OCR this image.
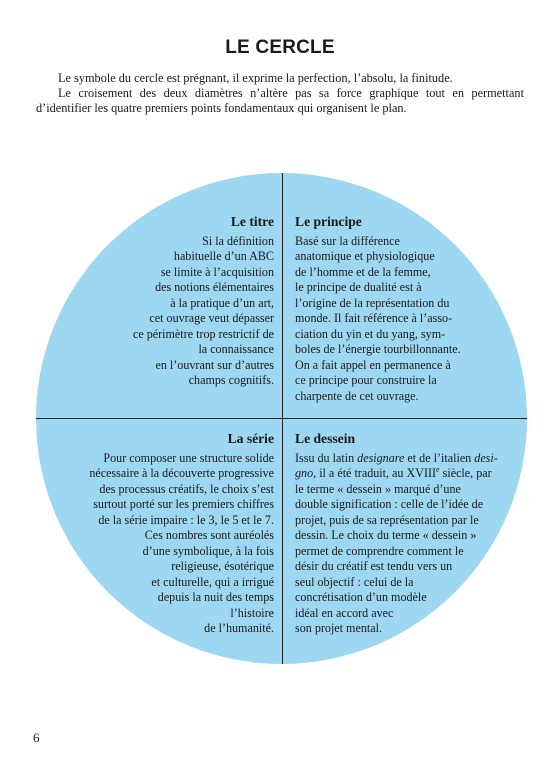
LE CERCLE

Le symbole du cercle est prégnant, il exprime la perfection, l’absolu, la finitude.

Le croisement des deux diamètres n’altère pas sa force graphique tout en permettant d’identifier les quatre premiers points fondamentaux qui organisent le plan.

Le titre
Si la définition
habituelle d’un ABC
se limite à l’acquisition
des notions élémentaires
à la pratique d’un art,
cet ouvrage veut dépasser
ce périmètre trop restrictif de
la connaissance
en l’ouvrant sur d’autres
champs cognitifs.
Le principe
Basé sur la différence
anatomique et physiologique
de l’homme et de la femme,
le principe de dualité est à
l’origine de la représentation du
monde. Il fait référence à l’asso-
ciation du yin et du yang, sym-
boles de l’énergie tourbillonnante.
On a fait appel en permanence à
ce principe pour construire la
charpente de cet ouvrage.
La série
Pour composer une structure solide
nécessaire à la découverte progressive
des processus créatifs, le choix s’est
surtout porté sur les premiers chiffres
de la série impaire : le 3, le 5 et le 7.
Ces nombres sont auréolés
d’une symbolique, à la fois
religieuse, ésotérique
et culturelle, qui a irrigué
depuis la nuit des temps
l’histoire
de l’humanité.
Le dessein
Issu du latin designare et de l’italien desi-
gno, il a été traduit, au XVIIIe siècle, par
le terme « dessein » marqué d’une
double signification : celle de l’idée de
projet, puis de sa représentation par le
dessin. Le choix du terme « dessein »
permet de comprendre comment le
désir du créatif est tendu vers un
seul objectif : celui de la
concrétisation d’un modèle
idéal en accord avec
son projet mental.
6
